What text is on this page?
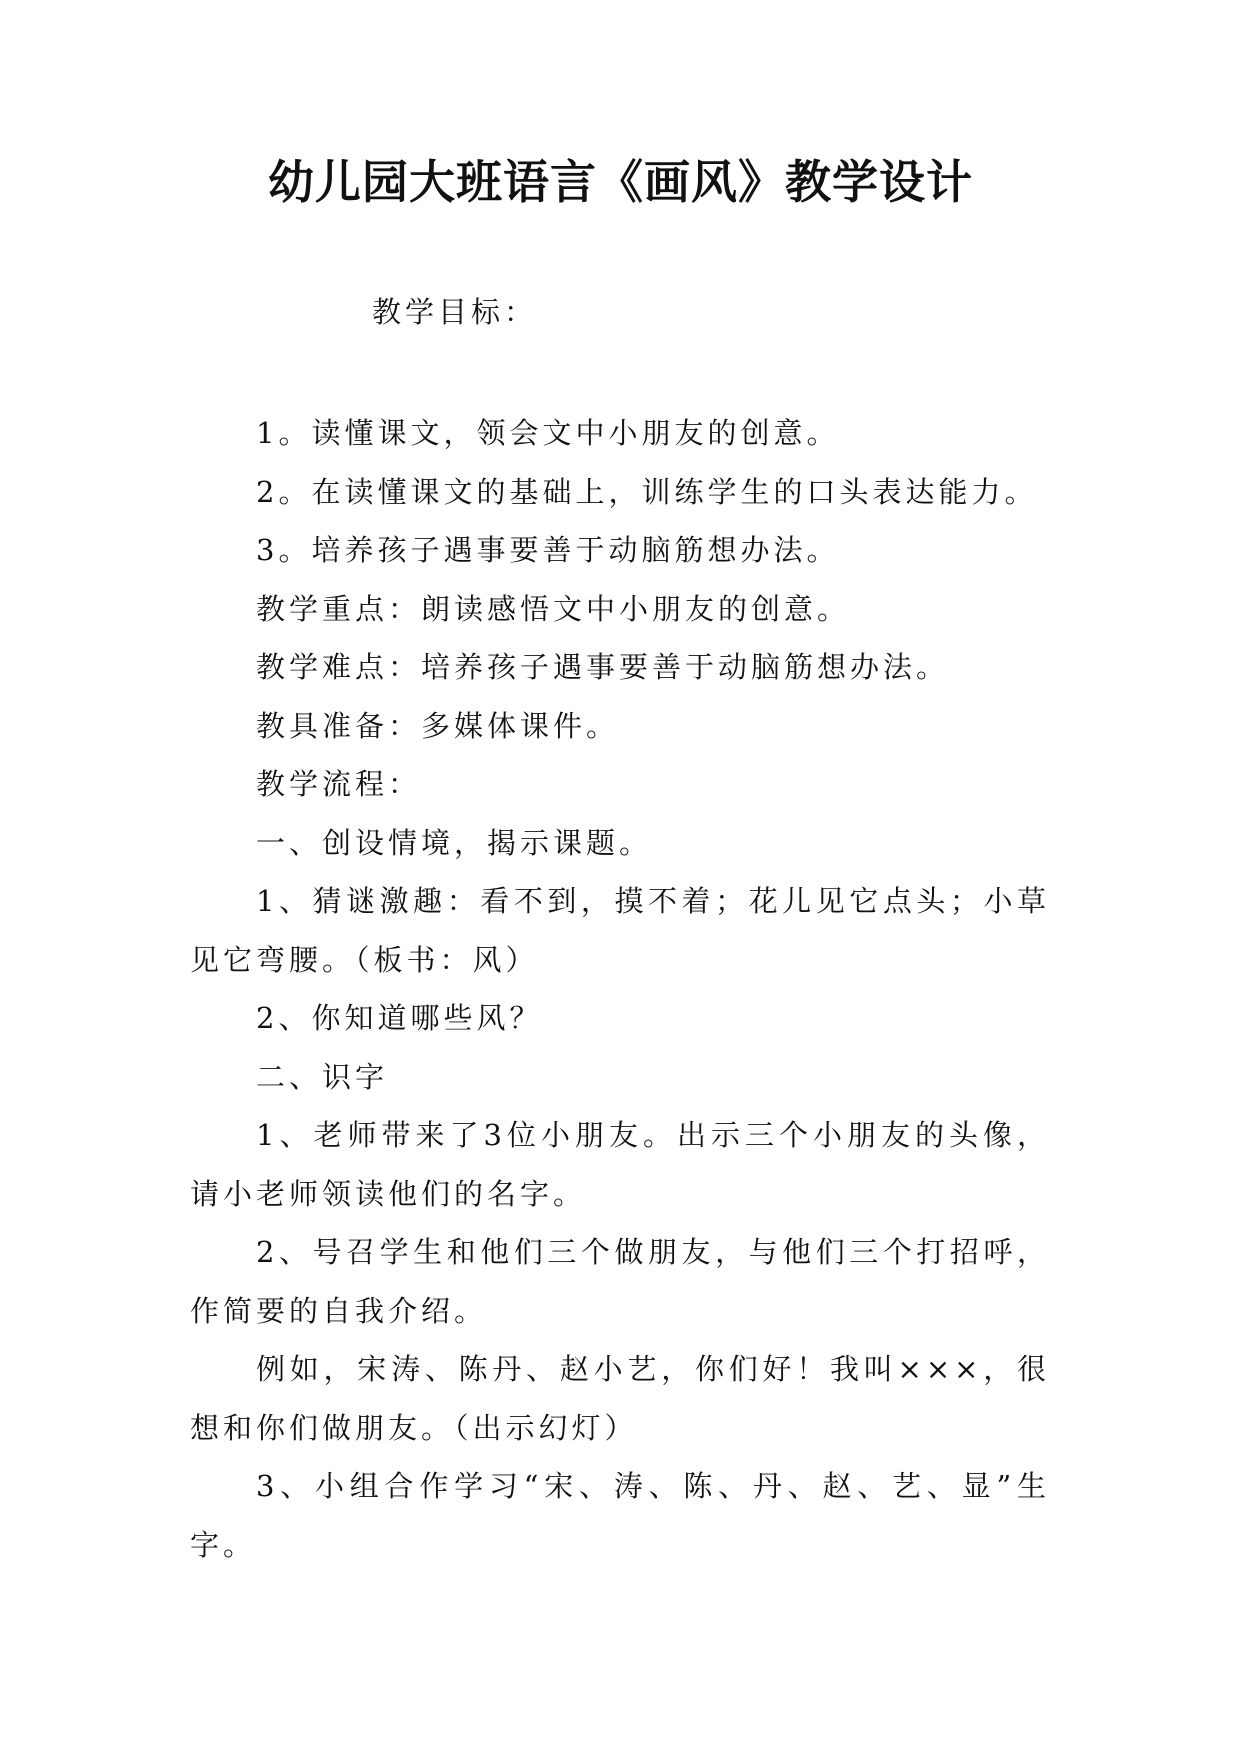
幼儿园大班语言《画风》教学设计
教学目标：

1。读懂课文，领会文中小朋友的创意。

2。在读懂课文的基础上，训练学生的口头表达能力。

3。培养孩子遇事要善于动脑筋想办法。

教学重点：朗读感悟文中小朋友的创意。

教学难点：培养孩子遇事要善于动脑筋想办法。

教具准备：多媒体课件。

教学流程：

一、创设情境，揭示课题。

1、猜谜激趣：看不到，摸不着；花儿见它点头；小草见它弯腰。（板书：风）

2、你知道哪些风？

二、识字

1、老师带来了3位小朋友。出示三个小朋友的头像，请小老师领读他们的名字。

2、号召学生和他们三个做朋友，与他们三个打招呼，作简要的自我介绍。

例如，宋涛、陈丹、赵小艺，你们好！我叫×××，很想和你们做朋友。（出示幻灯）

3、小组合作学习“宋、涛、陈、丹、赵、艺、显”生字。
